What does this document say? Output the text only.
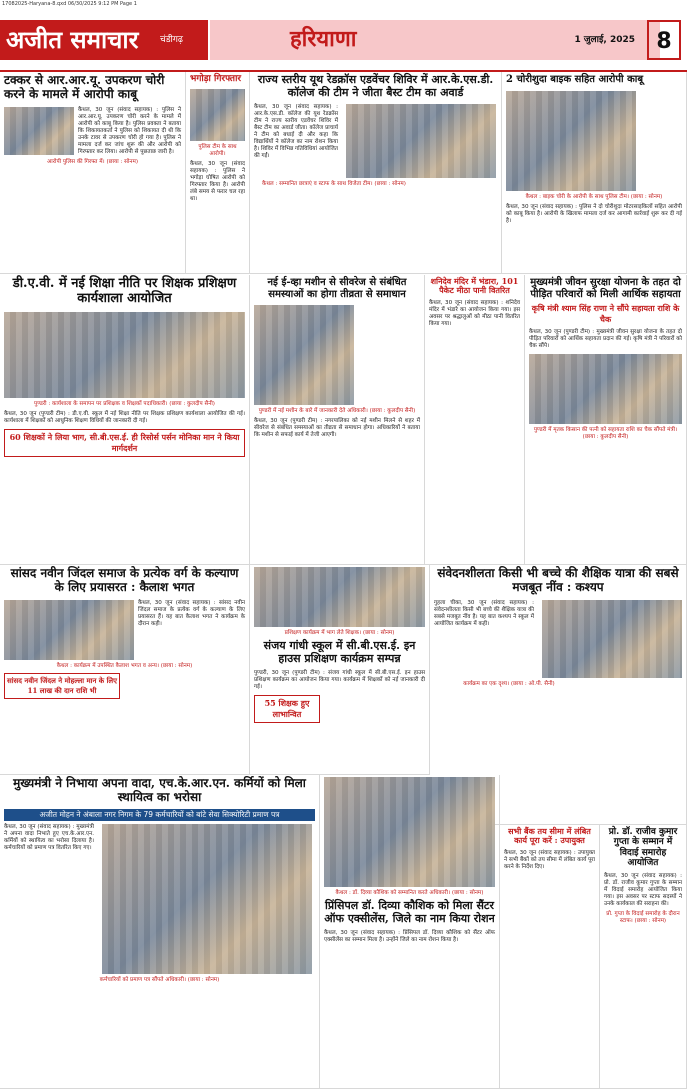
17082025-Haryana-8.qxd 06/30/2025 9:12 PM Page 1
अजीत समाचार चंडीगढ़	हरियाणा	1 जुलाई, 2025 8
टक्कर से आर.आर.यू. उपकरण चोरी करने के मामले में आरोपी काबू
कैथल, 30 जून (संवाद सहायक) : पुलिस ने आर.आर.यू. उपकरण चोरी करने के मामले में आरोपी को काबू किया है। पुलिस प्रवक्ता ने बताया कि शिकायतकर्ता ने पुलिस को शिकायत दी थी कि उनके टावर से उपकरण चोरी हो गया है। पुलिस ने मामला दर्ज कर जांच शुरू की और आरोपी को गिरफ्तार कर लिया। आरोपी से पूछताछ जारी है।
आरोपी पुलिस की गिरफ्त में। (छाया : सोनम)
भगोड़ा गिरफ्तार
पुलिस टीम के साथ आरोपी।
कैथल, 30 जून (संवाद सहायक) : पुलिस ने भगोड़ा घोषित आरोपी को गिरफ्तार किया है। आरोपी लंबे समय से फरार चल रहा था।
राज्य स्तरीय यूथ रेडक्रॉस एडवेंचर शिविर में आर.के.एस.डी. कॉलेज की टीम ने जीता बैस्ट टीम का अवार्ड
कैथल, 30 जून (संवाद सहायक) : आर.के.एस.डी. कॉलेज की यूथ रेडक्रॉस टीम ने राज्य स्तरीय एडवेंचर शिविर में बैस्ट टीम का अवार्ड जीता। कॉलेज प्राचार्य ने टीम को बधाई दी और कहा कि विद्यार्थियों ने कॉलेज का नाम रोशन किया है। शिविर में विभिन्न गतिविधियां आयोजित की गईं।
कैथल : सम्मानित छात्राएं व स्टाफ के साथ विजेता टीम। (छाया : सोनम)
2 चोरीशुदा बाइक सहित आरोपी काबू
कैथल : बाइक चोरी के आरोपी के साथ पुलिस टीम। (छाया : सोनम)
कैथल, 30 जून (संवाद सहायक) : पुलिस ने दो चोरीशुदा मोटरसाइकिलों सहित आरोपी को काबू किया है। आरोपी के खिलाफ मामला दर्ज कर आगामी कार्रवाई शुरू कर दी गई है।
डी.ए.वी. में नई शिक्षा नीति पर शिक्षक प्रशिक्षण कार्यशाला आयोजित
पुण्डरी : कार्यशाला के समापन पर प्रशिक्षक व शिक्षकों पदाधिकारी। (छाया : कुलदीप सैनी)
कैथल, 30 जून (पुण्डरी टीम) : डी.ए.वी. स्कूल में नई शिक्षा नीति पर शिक्षक प्रशिक्षण कार्यशाला आयोजित की गई। कार्यशाला में शिक्षकों को आधुनिक शिक्षण विधियों की जानकारी दी गई।
60 शिक्षकों ने लिया भाग, सी.बी.एस.ई. ही रिसोर्स पर्सन मोनिका मान ने किया मार्गदर्शन
नई ई-व्हा मशीन से सीवरेज से संबंधित समस्याओं का होगा तीव्रता से समाधान
पुण्डरी में नई मशीन के बारे में जानकारी देते अधिकारी। (छाया : कुलदीप सैनी)
कैथल, 30 जून (पुण्डरी टीम) : नगरपालिका को नई मशीन मिलने से शहर में सीवरेज से संबंधित समस्याओं का तीव्रता से समाधान होगा। अधिकारियों ने बताया कि मशीन से सफाई कार्य में तेजी आएगी।
शनिदेव मंदिर में भंडारा, 101 पैकेट मीठा पानी वितरित
कैथल, 30 जून (संवाद सहायक) : शनिदेव मंदिर में भंडारे का आयोजन किया गया। इस अवसर पर श्रद्धालुओं को मीठा पानी वितरित किया गया।
मुख्यमंत्री जीवन सुरक्षा योजना के तहत दो पीड़ित परिवारों को मिली आर्थिक सहायता
कृषि मंत्री श्याम सिंह राणा ने सौंपे सहायता राशि के चैक
कैथल, 30 जून (पुण्डरी टीम) : मुख्यमंत्री जीवन सुरक्षा योजना के तहत दो पीड़ित परिवारों को आर्थिक सहायता प्रदान की गई। कृषि मंत्री ने परिवारों को चैक सौंपे।
पुण्डरी में मृतक किसान की पत्नी को सहायता राशि का चैक सौंपते मंत्री। (छाया : कुलदीप सैनी)
सांसद नवीन जिंदल समाज के प्रत्येक वर्ग के कल्याण के लिए प्रयासरत : कैलाश भगत
कैथल, 30 जून (संवाद सहायक) : सांसद नवीन जिंदल समाज के प्रत्येक वर्ग के कल्याण के लिए प्रयासरत हैं। यह बात कैलाश भगत ने कार्यक्रम के दौरान कही।
कैथल : कार्यक्रम में उपस्थित कैलाश भगत व अन्य। (छाया : सोनम)
सांसद नवीन जिंदल ने मोहल्ला मान के लिए 11 लाख की दान राशि भी
प्रशिक्षण कार्यक्रम में भाग लेते शिक्षक। (छाया : सोनम)
संजय गांधी स्कूल में सी.बी.एस.ई. इन हाउस प्रशिक्षण कार्यक्रम सम्पन्न
पुण्डरी, 30 जून (पुण्डरी टीम) : संजय गांधी स्कूल में सी.बी.एस.ई. इन हाउस प्रशिक्षण कार्यक्रम का आयोजन किया गया। कार्यक्रम में शिक्षकों को नई जानकारी दी गई।
55 शिक्षक हुए लाभान्वित
संवेदनशीलता किसी भी बच्चे की शैक्षिक यात्रा की सबसे मजबूत नींव : कश्यप
गुहला चीका, 30 जून (संवाद सहायक) : संवेदनशीलता किसी भी बच्चे की शैक्षिक यात्रा की सबसे मजबूत नींव है। यह बात कश्यप ने स्कूल में आयोजित कार्यक्रम में कही।
कार्यक्रम का एक दृश्य। (छाया : ओ.पी. सैनी)
मुख्यमंत्री ने निभाया अपना वादा, एच.के.आर.एन. कर्मियों को मिला स्थायित्व का भरोसा
अजीत मोहन ने अंबाला नगर निगम के 79 कर्मचारियों को बांटे सेवा सिक्योरिटी प्रमाण पत्र
कैथल, 30 जून (संवाद सहायक) : मुख्यमंत्री ने अपना वादा निभाते हुए एच.के.आर.एन. कर्मियों को स्थायित्व का भरोसा दिलाया है। कर्मचारियों को प्रमाण पत्र वितरित किए गए।
कर्मचारियों को प्रमाण पत्र सौंपते अधिकारी। (छाया : सोनम)
कैथल : डॉ. दिव्या कौशिक को सम्मानित करते अधिकारी। (छाया : सोनम)
प्रिंसिपल डॉ. दिव्या कौशिक को मिला सैंटर ऑफ एक्सीलेंस, जिले का नाम किया रोशन
कैथल, 30 जून (संवाद सहायक) : प्रिंसिपल डॉ. दिव्या कौशिक को सैंटर ऑफ एक्सीलेंस का सम्मान मिला है। उन्होंने जिले का नाम रोशन किया है।
सभी बैंक तय सीमा में लंबित कार्य पूरा करें : उपायुक्त
कैथल, 30 जून (संवाद सहायक) : उपायुक्त ने सभी बैंकों को तय सीमा में लंबित कार्य पूरा करने के निर्देश दिए।
प्रो. डॉ. राजीव कुमार गुप्ता के सम्मान में विदाई समारोह आयोजित
कैथल, 30 जून (संवाद सहायक) : प्रो. डॉ. राजीव कुमार गुप्ता के सम्मान में विदाई समारोह आयोजित किया गया। इस अवसर पर स्टाफ सदस्यों ने उनके कार्यकाल की सराहना की।
प्रो. गुप्ता के विदाई समारोह के दौरान स्टाफ। (छाया : सोनम)
